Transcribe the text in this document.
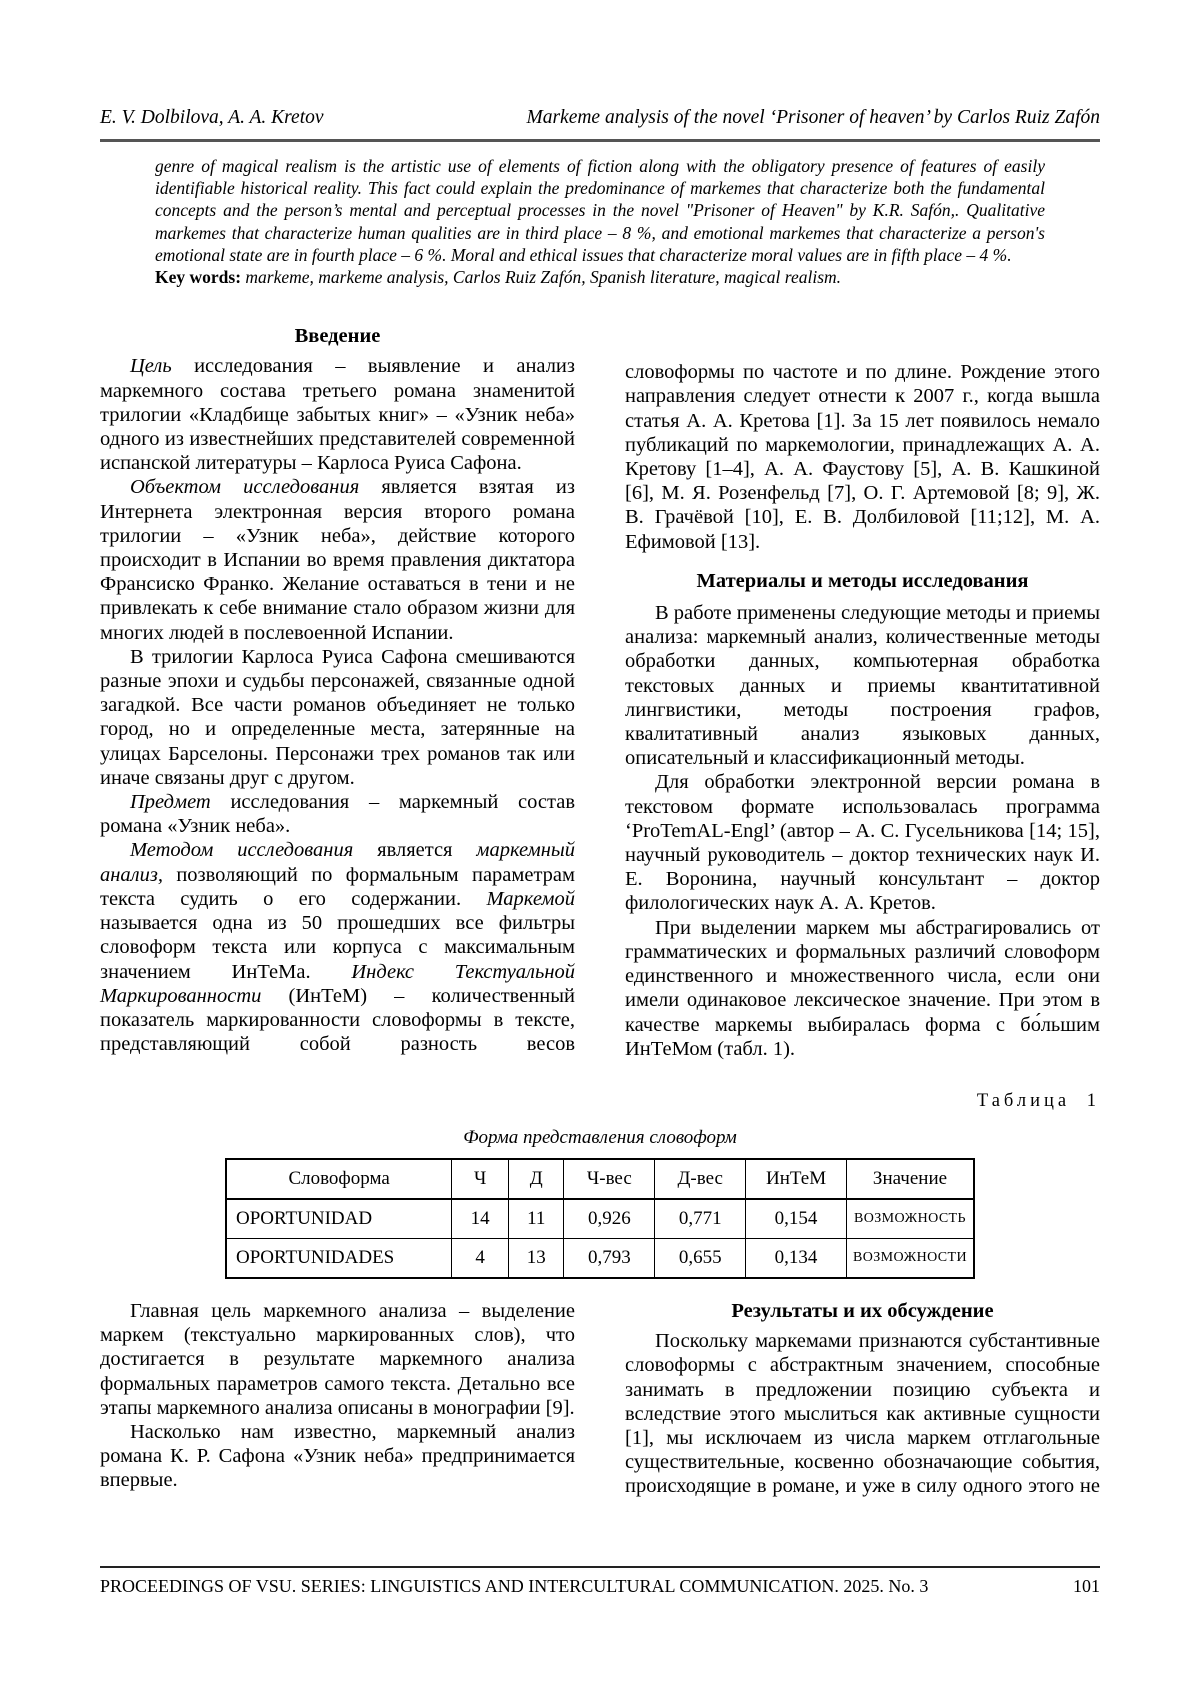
E. V. Dolbilova, A. A. Kretov	Markeme analysis of the novel ‘Prisoner of heaven’ by Carlos Ruiz Zafón
genre of magical realism is the artistic use of elements of fiction along with the obligatory presence of features of easily identifiable historical reality. This fact could explain the predominance of markemes that characterize both the fundamental concepts and the person’s mental and perceptual processes in the novel "Prisoner of Heaven" by K.R. Safón,. Qualitative markemes that characterize human qualities are in third place – 8 %, and emotional markemes that characterize a person's emotional state are in fourth place – 6 %. Moral and ethical issues that characterize moral values are in fifth place – 4 %.
Key words: markeme, markeme analysis, Carlos Ruiz Zafón, Spanish literature, magical realism.

Введение

Цель исследования – выявление и анализ маркемного состава третьего романа знаменитой трилогии «Кладбище забытых книг» – «Узник неба» одного из известнейших представителей современной испанской литературы – Карлоса Руиса Сафона.

Объектом исследования является взятая из Интернета электронная версия второго романа трилогии – «Узник неба», действие которого происходит в Испании во время правления диктатора Франсиско Франко. Желание оставаться в тени и не привлекать к себе внимание стало образом жизни для многих людей в послевоенной Испании.

В трилогии Карлоса Руиса Сафона смешиваются разные эпохи и судьбы персонажей, связанные одной загадкой. Все части романов объединяет не только город, но и определенные места, затерянные на улицах Барселоны. Персонажи трех романов так или иначе связаны друг с другом.

Предмет исследования – маркемный состав романа «Узник неба».

Методом исследования является маркемный анализ, позволяющий по формальным параметрам текста судить о его содержании. Маркемой называется одна из 50 прошедших все фильтры словоформ текста или корпуса с максимальным значением ИнТеМа. Индекс Текстуальной Маркированности (ИнТеМ) – количественный показатель маркированности словоформы в тексте, представляющий собой разность весов

словоформы по частоте и по длине. Рождение этого направления следует отнести к 2007 г., когда вышла статья А. А. Кретова [1]. За 15 лет появилось немало публикаций по маркемологии, принадлежащих А. А. Кретову [1–4], А. А. Фаустову [5], А. В. Кашкиной [6], М. Я. Розенфельд [7], О. Г. Артемовой [8; 9], Ж. В. Грачёвой [10], Е. В. Долбиловой [11;12], М. А. Ефимовой [13].

Материалы и методы исследования

В работе применены следующие методы и приемы анализа: маркемный анализ, количественные методы обработки данных, компьютерная обработка текстовых данных и приемы квантитативной лингвистики, методы построения графов, квалитативный анализ языковых данных, описательный и классификационный методы.

Для обработки электронной версии романа в текстовом формате использовалась программа ‘ProTemAL-Engl’ (автор – А. С. Гусельникова [14; 15], научный руководитель – доктор технических наук И. Е. Воронина, научный консультант – доктор филологических наук А. А. Кретов.

При выделении маркем мы абстрагировались от грамматических и формальных различий словоформ единственного и множественного числа, если они имели одинаковое лексическое значение. При этом в качестве маркемы выбиралась форма с бо́льшим ИнТеМом (табл. 1).

Таблица 1
Форма представления словоформ
Словоформа	Ч	Д	Ч-вес	Д-вес	ИнТеМ	Значение
OPORTUNIDAD	14	11	0,926	0,771	0,154	ВОЗМОЖНОСТЬ
OPORTUNIDADES	4	13	0,793	0,655	0,134	ВОЗМОЖНОСТИ

Главная цель маркемного анализа – выделение маркем (текстуально маркированных слов), что достигается в результате маркемного анализа формальных параметров самого текста. Детально все этапы маркемного анализа описаны в монографии [9].

Насколько нам известно, маркемный анализ романа К. Р. Сафона «Узник неба» предпринимается впервые.

Результаты и их обсуждение

Поскольку маркемами признаются субстантивные словоформы с абстрактным значением, способные занимать в предложении позицию субъекта и вследствие этого мыслиться как активные сущности [1], мы исключаем из числа маркем отглагольные существительные, косвенно обозначающие события, происходящие в романе, и уже в силу одного этого не

PROCEEDINGS OF VSU. SERIES: LINGUISTICS AND INTERCULTURAL COMMUNICATION. 2025. No. 3	101
